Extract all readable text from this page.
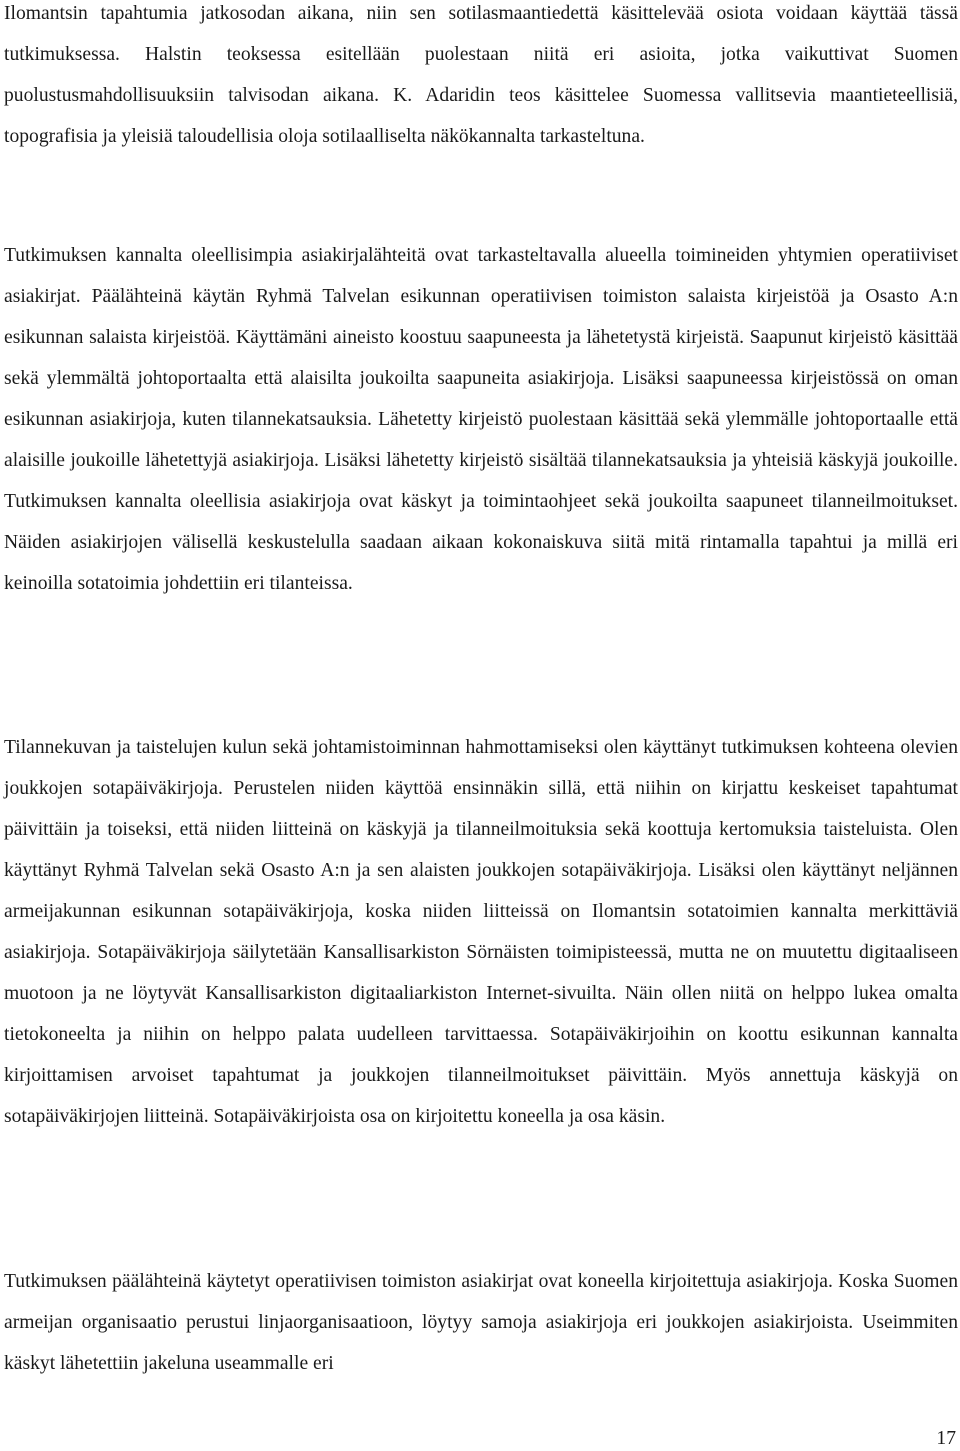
Ilomantsin tapahtumia jatkosodan aikana, niin sen sotilasmaantiedettä käsittelevää osiota voidaan käyttää tässä tutkimuksessa. Halstin teoksessa esitellään puolestaan niitä eri asioita, jotka vaikuttivat Suomen puolustusmahdollisuuksiin talvisodan aikana. K. Adaridin teos käsittelee Suomessa vallitsevia maantieteellisiä, topografisia ja yleisiä taloudellisia oloja sotilaalliselta näkökannalta tarkasteltuna.

Tutkimuksen kannalta oleellisimpia asiakirjalähteitä ovat tarkasteltavalla alueella toimineiden yhtymien operatiiviset asiakirjat. Päälähteinä käytän Ryhmä Talvelan esikunnan operatiivisen toimiston salaista kirjeistöä ja Osasto A:n esikunnan salaista kirjeistöä. Käyttämäni aineisto koostuu saapuneesta ja lähetetystä kirjeistä. Saapunut kirjeistö käsittää sekä ylemmältä johtoportaalta että alaisilta joukoilta saapuneita asiakirjoja. Lisäksi saapuneessa kirjeistössä on oman esikunnan asiakirjoja, kuten tilannekatsauksia. Lähetetty kirjeistö puolestaan käsittää sekä ylemmälle johtoportaalle että alaisille joukoille lähetettyjä asiakirjoja. Lisäksi lähetetty kirjeistö sisältää tilannekatsauksia ja yhteisiä käskyjä joukoille. Tutkimuksen kannalta oleellisia asiakirjoja ovat käskyt ja toimintaohjeet sekä joukoilta saapuneet tilanneilmoitukset. Näiden asiakirjojen välisellä keskustelulla saadaan aikaan kokonaiskuva siitä mitä rintamalla tapahtui ja millä eri keinoilla sotatoimia johdettiin eri tilanteissa.

Tilannekuvan ja taistelujen kulun sekä johtamistoiminnan hahmottamiseksi olen käyttänyt tutkimuksen kohteena olevien joukkojen sotapäiväkirjoja. Perustelen niiden käyttöä ensinnäkin sillä, että niihin on kirjattu keskeiset tapahtumat päivittäin ja toiseksi, että niiden liitteinä on käskyjä ja tilanneilmoituksia sekä koottuja kertomuksia taisteluista. Olen käyttänyt Ryhmä Talvelan sekä Osasto A:n ja sen alaisten joukkojen sotapäiväkirjoja. Lisäksi olen käyttänyt neljännen armeijakunnan esikunnan sotapäiväkirjoja, koska niiden liitteissä on Ilomantsin sotatoimien kannalta merkittäviä asiakirjoja. Sotapäiväkirjoja säilytetään Kansallisarkiston Sörnäisten toimipisteessä, mutta ne on muutettu digitaaliseen muotoon ja ne löytyvät Kansallisarkiston digitaaliarkiston Internet-sivuilta. Näin ollen niitä on helppo lukea omalta tietokoneelta ja niihin on helppo palata uudelleen tarvittaessa. Sotapäiväkirjoihin on koottu esikunnan kannalta kirjoittamisen arvoiset tapahtumat ja joukkojen tilanneilmoitukset päivittäin. Myös annettuja käskyjä on sotapäiväkirjojen liitteinä. Sotapäiväkirjoista osa on kirjoitettu koneella ja osa käsin.

Tutkimuksen päälähteinä käytetyt operatiivisen toimiston asiakirjat ovat koneella kirjoitettuja asiakirjoja. Koska Suomen armeijan organisaatio perustui linjaorganisaatioon, löytyy samoja asiakirjoja eri joukkojen asiakirjoista. Useimmiten käskyt lähetettiin jakeluna useammalle eri

17
